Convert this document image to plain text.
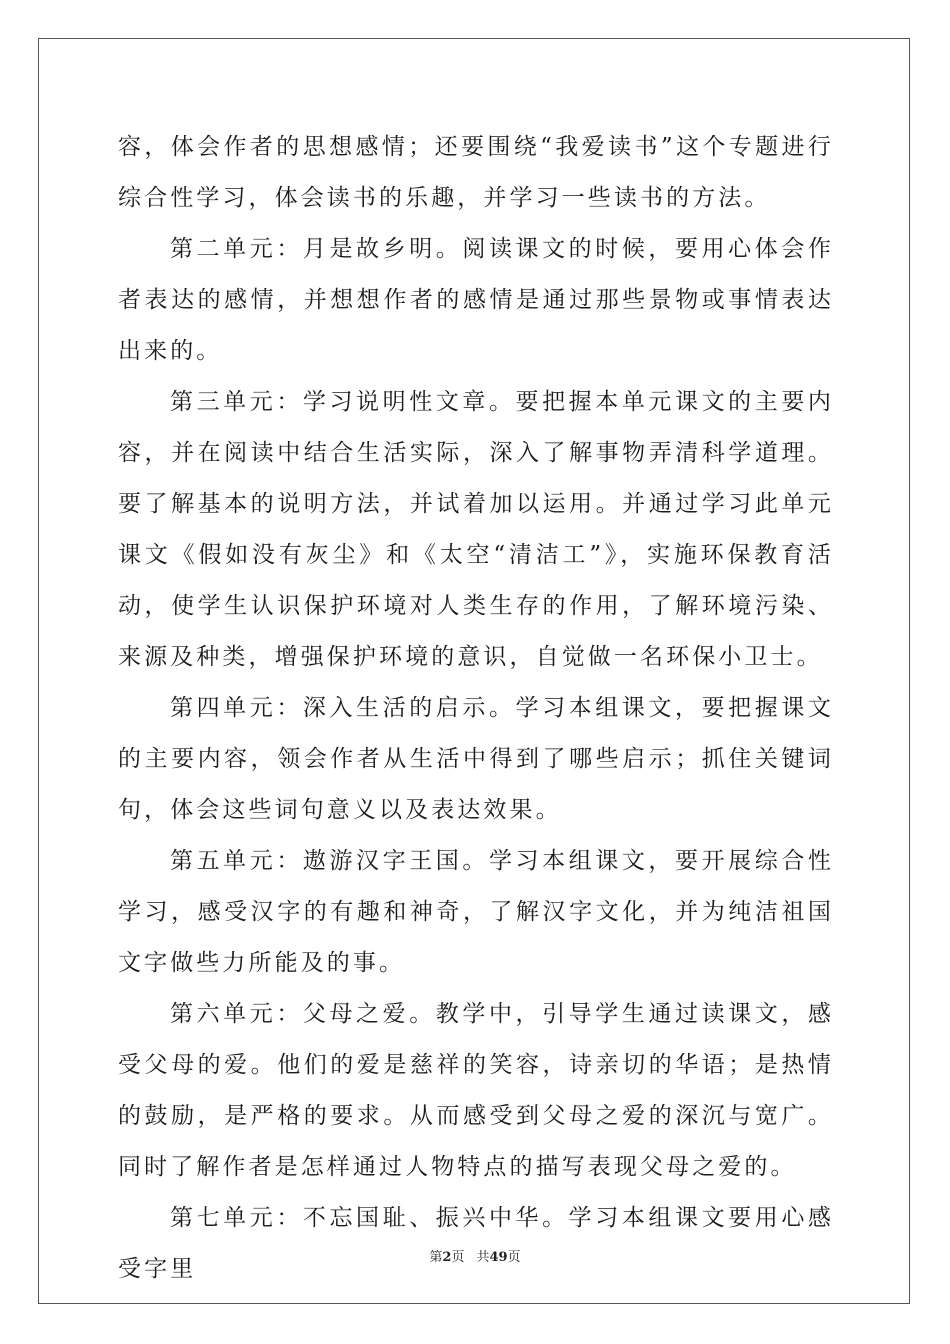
容，体会作者的思想感情；还要围绕“我爱读书”这个专题进行综合性学习，体会读书的乐趣，并学习一些读书的方法。

第二单元：月是故乡明。阅读课文的时候，要用心体会作者表达的感情，并想想作者的感情是通过那些景物或事情表达出来的。

第三单元：学习说明性文章。要把握本单元课文的主要内容，并在阅读中结合生活实际，深入了解事物弄清科学道理。要了解基本的说明方法，并试着加以运用。并通过学习此单元课文《假如没有灰尘》和《太空“清洁工”》，实施环保教育活动，使学生认识保护环境对人类生存的作用，了解环境污染、来源及种类，增强保护环境的意识，自觉做一名环保小卫士。

第四单元：深入生活的启示。学习本组课文，要把握课文的主要内容，领会作者从生活中得到了哪些启示；抓住关键词句，体会这些词句意义以及表达效果。

第五单元：遨游汉字王国。学习本组课文，要开展综合性学习，感受汉字的有趣和神奇，了解汉字文化，并为纯洁祖国文字做些力所能及的事。

第六单元：父母之爱。教学中，引导学生通过读课文，感受父母的爱。他们的爱是慈祥的笑容，诗亲切的华语；是热情的鼓励，是严格的要求。从而感受到父母之爱的深沉与宽广。同时了解作者是怎样通过人物特点的描写表现父母之爱的。

第七单元：不忘国耻、振兴中华。学习本组课文要用心感受字里	第2页 共49页
